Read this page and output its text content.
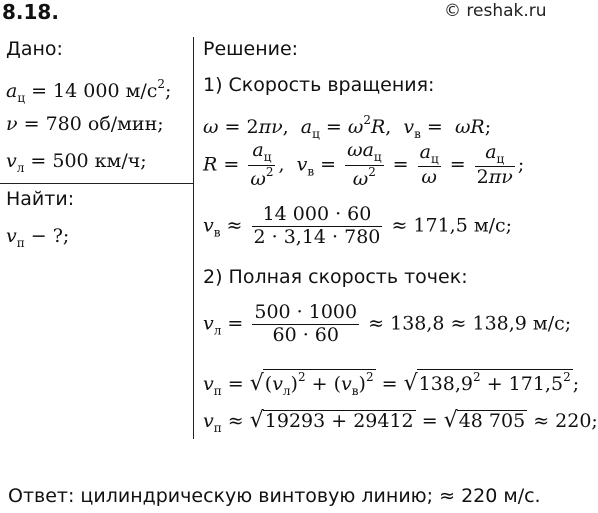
8.18.	© reshak.ru
Дано:
$a_ц = 14$ 000 $м/с^2$;
ν = 780 об/мин;
$v_л = 500$ км/ч;
Найти:
$v_п$ − ?;
Решение:
1) Скорость вращения:
ω = 2πν,  $a_ц = \omega^2R$,  $v_в = \omega R$;
$R = \frac{a_ц}{\omega^2}$ ,  $v_в = \frac{\omega a_ц}{\omega^2} = \frac{a_ц}{\omega} = \frac{a_ц}{2\pi\nu}$ ;
$v_в \approx \frac{14 000 \cdot 60}{2 \cdot 3,14 \cdot 780} \approx 171,5$ м/с;
2) Полная скорость точек:
$v_л = \frac{500 \cdot 1000}{60 \cdot 60} \approx 138,8 \approx 138,9$ м/с;
$v_п = √(v_л)^2 + (v_в)^2 = √138,9^2 + 171,5^2$ ;
$v_п \approx √19293 + 29412 = √48$ 705 ≈ 220;
Ответ: цилиндрическую винтовую линию; ≈ 220 м/с.
